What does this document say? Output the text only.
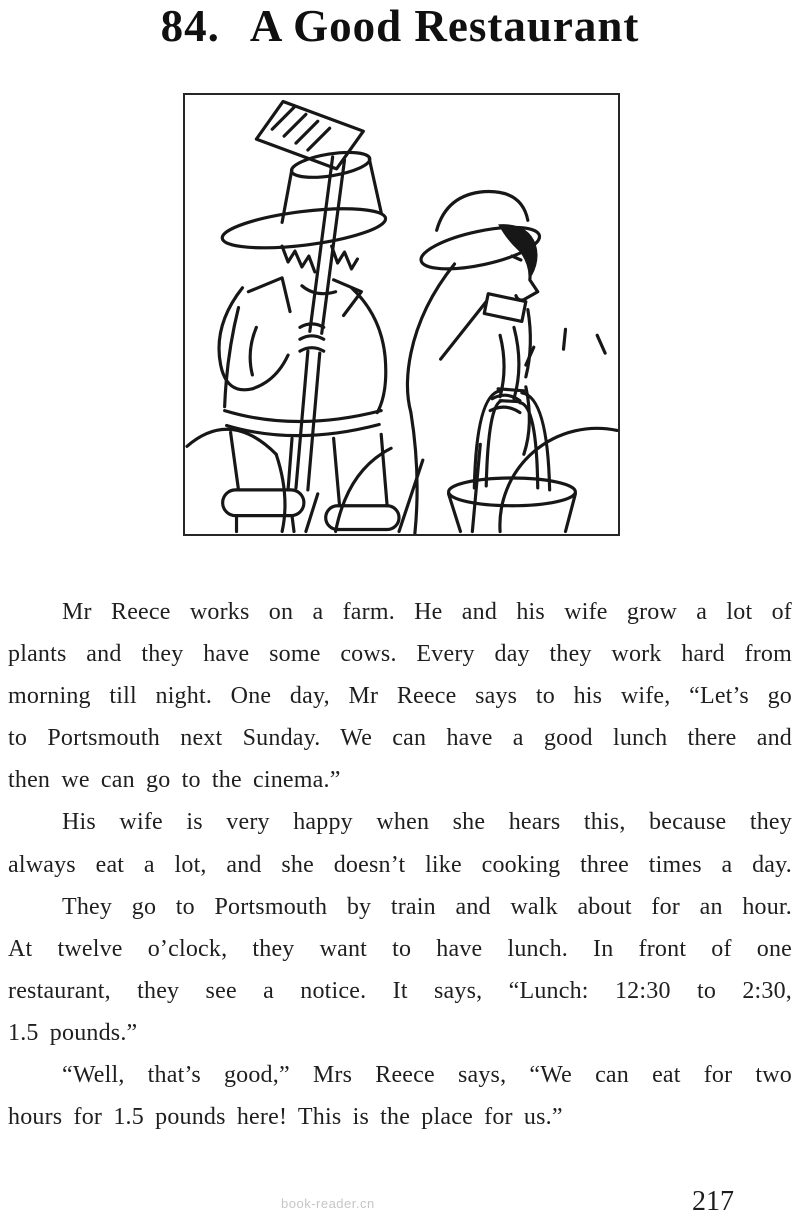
84. A Good Restaurant
Mr Reece works on a farm. He and his wife grow a lot of
plants and they have some cows. Every day they work hard from
morning till night. One day, Mr Reece says to his wife, “Let’s go
to Portsmouth next Sunday. We can have a good lunch there and
then we can go to the cinema.”
His wife is very happy when she hears this, because they
always eat a lot, and she doesn’t like cooking three times a day.
They go to Portsmouth by train and walk about for an hour.
At twelve o’clock, they want to have lunch. In front of one
restaurant, they see a notice. It says, “Lunch: 12:30 to 2:30,
1.5 pounds.”
“Well, that’s good,” Mrs Reece says, “We can eat for two
hours for 1.5 pounds here! This is the place for us.”
book-reader.cn	217
